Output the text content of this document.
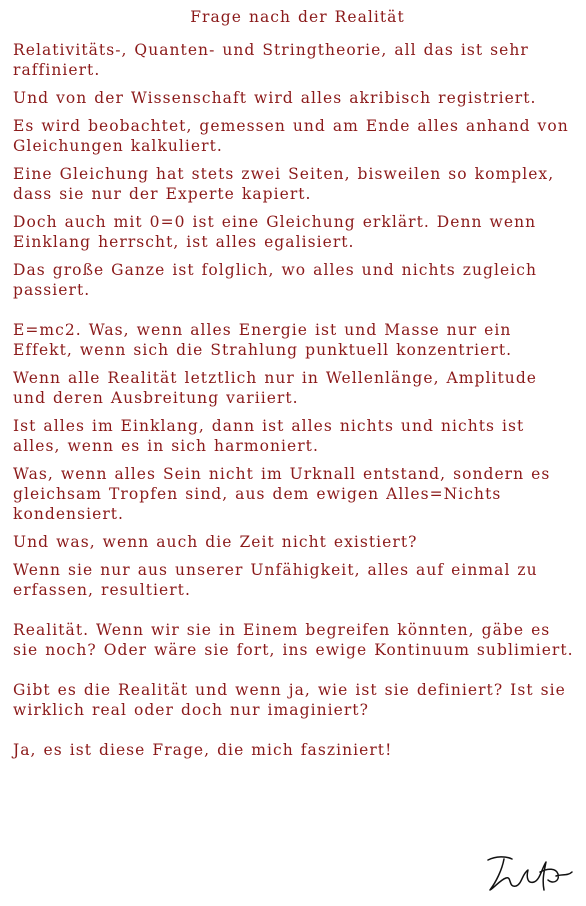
Frage nach der Realität

Relativitäts-, Quanten- und Stringtheorie, all das ist sehr raffiniert.

Und von der Wissenschaft wird alles akribisch registriert.

Es wird beobachtet, gemessen und am Ende alles anhand von Gleichungen kalkuliert.

Eine Gleichung hat stets zwei Seiten, bisweilen so komplex, dass sie nur der Experte kapiert.

Doch auch mit 0=0 ist eine Gleichung erklärt. Denn wenn Einklang herrscht, ist alles egalisiert.

Das große Ganze ist folglich, wo alles und nichts zugleich passiert.

E=mc2. Was, wenn alles Energie ist und Masse nur ein Effekt, wenn sich die Strahlung punktuell konzentriert.

Wenn alle Realität letztlich nur in Wellenlänge, Amplitude und deren Ausbreitung variiert.

Ist alles im Einklang, dann ist alles nichts und nichts ist alles, wenn es in sich harmoniert.

Was, wenn alles Sein nicht im Urknall entstand, sondern es gleichsam Tropfen sind, aus dem ewigen Alles=Nichts kondensiert.

Und was, wenn auch die Zeit nicht existiert?

Wenn sie nur aus unserer Unfähigkeit, alles auf einmal zu erfassen, resultiert.

Realität. Wenn wir sie in Einem begreifen könnten, gäbe es sie noch? Oder wäre sie fort, ins ewige Kontinuum sublimiert.

Gibt es die Realität und wenn ja, wie ist sie definiert? Ist sie wirklich real oder doch nur imaginiert?

Ja, es ist diese Frage, die mich fasziniert!
